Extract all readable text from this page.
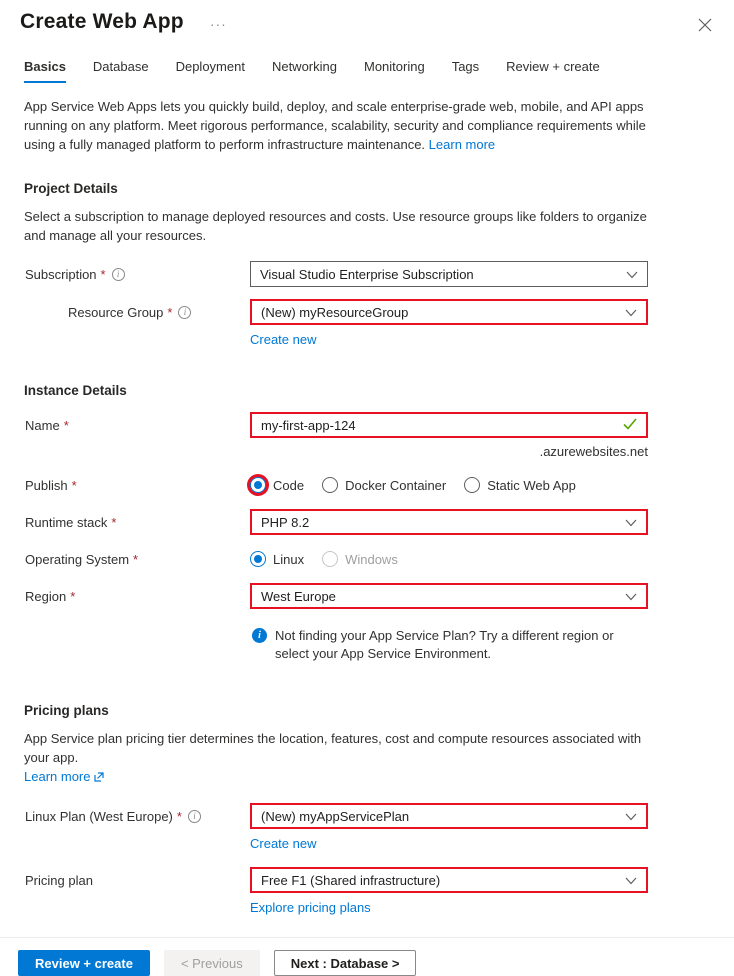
Create Web App ···
Basics Database Deployment Networking Monitoring Tags Review + create

App Service Web Apps lets you quickly build, deploy, and scale enterprise-grade web, mobile, and API apps running on any platform. Meet rigorous performance, scalability, security and compliance requirements while using a fully managed platform to perform infrastructure maintenance. Learn more

Project Details

Select a subscription to manage deployed resources and costs. Use resource groups like folders to organize and manage all your resources.

Subscription *	i	Visual Studio Enterprise Subscription
Resource Group *	i	(New) myResourceGroup
Create new
Instance Details
Name *
my-first-app-124
.azurewebsites.net
Publish *	Code	Docker Container	Static Web App
Runtime stack *	PHP 8.2
Operating System *	Linux	Windows
Region *	West Europe
i	Not finding your App Service Plan? Try a different region or select your App Service Environment.
Pricing plans

App Service plan pricing tier determines the location, features, cost and compute resources associated with your app.
Learn more

Linux Plan (West Europe) *	i	(New) myAppServicePlan
Create new
Pricing plan	Free F1 (Shared infrastructure)
Explore pricing plans
Review + create	< Previous	Next : Database >
